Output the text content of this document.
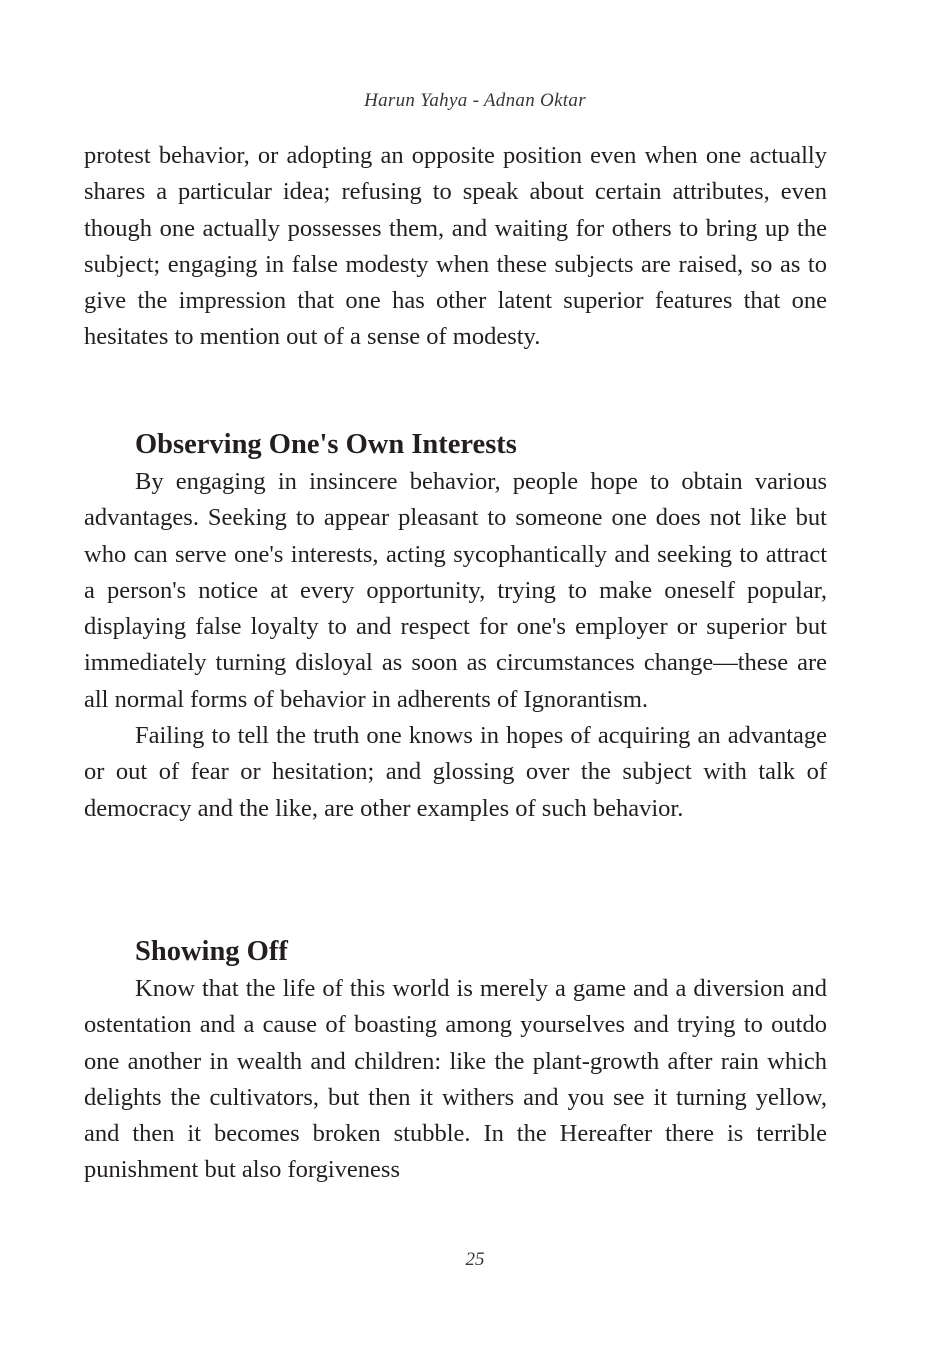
Harun Yahya - Adnan Oktar

protest behavior, or adopting an opposite position even when one actually shares a particular idea; refusing to speak about certain attributes, even though one actually possesses them, and waiting for others to bring up the subject; engaging in false modesty when these subjects are raised, so as to give the impression that one has other latent superior features that one hesitates to mention out of a sense of modesty.

Observing One's Own Interests

By engaging in insincere behavior, people hope to obtain various advantages. Seeking to appear pleasant to someone one does not like but who can serve one's interests, acting sycophantically and seeking to attract a person's notice at every opportunity, trying to make oneself popular, displaying false loyalty to and respect for one's employer or superior but immediately turning disloyal as soon as circumstances change—these are all normal forms of behavior in adherents of Ignorantism.

Failing to tell the truth one knows in hopes of acquiring an advantage or out of fear or hesitation; and glossing over the subject with talk of democracy and the like, are other examples of such behavior.

Showing Off

Know that the life of this world is merely a game and a diversion and ostentation and a cause of boasting among yourselves and trying to outdo one another in wealth and children: like the plant-growth after rain which delights the cultivators, but then it withers and you see it turning yellow, and then it becomes broken stubble. In the Hereafter there is terrible punishment but also forgiveness

25
